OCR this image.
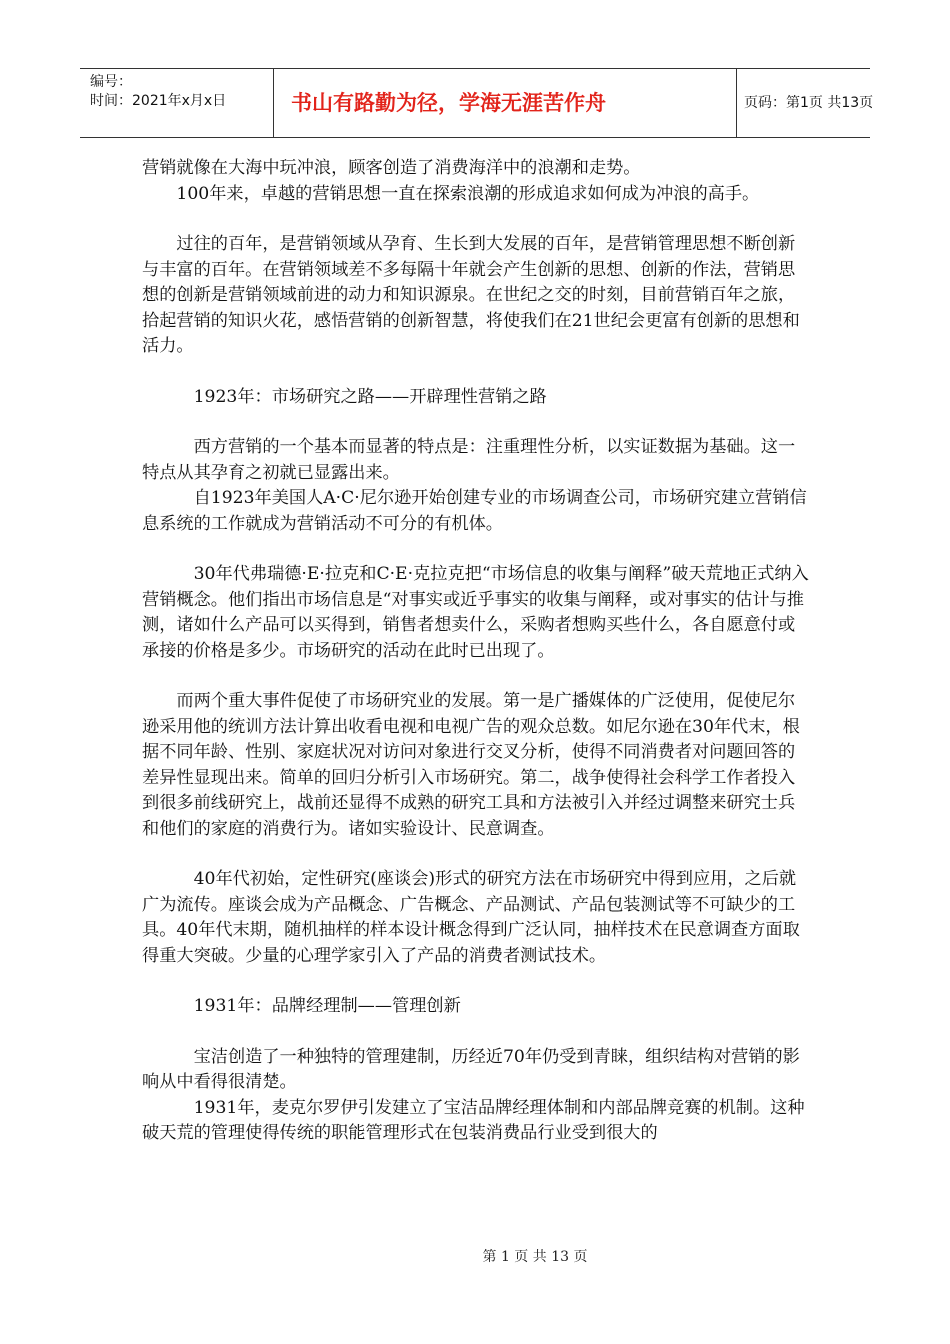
编号：
时间：2021年x月x日	书山有路勤为径，学海无涯苦作舟	页码：第1页 共13页

营销就像在大海中玩冲浪，顾客创造了消费海洋中的浪潮和走势。

100年来，卓越的营销思想一直在探索浪潮的形成追求如何成为冲浪的高手。

过往的百年，是营销领域从孕育、生长到大发展的百年，是营销管理思想不断创新与丰富的百年。在营销领域差不多每隔十年就会产生创新的思想、创新的作法，营销思想的创新是营销领域前进的动力和知识源泉。在世纪之交的时刻，目前营销百年之旅，拾起营销的知识火花，感悟营销的创新智慧，将使我们在21世纪会更富有创新的思想和活力。

1923年：市场研究之路——开辟理性营销之路

西方营销的一个基本而显著的特点是：注重理性分析，以实证数据为基础。这一特点从其孕育之初就已显露出来。

自1923年美国人A·C·尼尔逊开始创建专业的市场调查公司，市场研究建立营销信息系统的工作就成为营销活动不可分的有机体。

30年代弗瑞德·E·拉克和C·E·克拉克把“市场信息的收集与阐释”破天荒地正式纳入营销概念。他们指出市场信息是“对事实或近乎事实的收集与阐释，或对事实的估计与推测，诸如什么产品可以买得到，销售者想卖什么，采购者想购买些什么，各自愿意付或承接的价格是多少。市场研究的活动在此时已出现了。

而两个重大事件促使了市场研究业的发展。第一是广播媒体的广泛使用，促使尼尔逊采用他的统训方法计算出收看电视和电视广告的观众总数。如尼尔逊在30年代末，根据不同年龄、性别、家庭状况对访问对象进行交叉分析，使得不同消费者对问题回答的差异性显现出来。简单的回归分析引入市场研究。第二，战争使得社会科学工作者投入到很多前线研究上，战前还显得不成熟的研究工具和方法被引入并经过调整来研究士兵和他们的家庭的消费行为。诸如实验设计、民意调查。

40年代初始，定性研究(座谈会)形式的研究方法在市场研究中得到应用，之后就广为流传。座谈会成为产品概念、广告概念、产品测试、产品包装测试等不可缺少的工具。40年代末期，随机抽样的样本设计概念得到广泛认同，抽样技术在民意调查方面取得重大突破。少量的心理学家引入了产品的消费者测试技术。

1931年：品牌经理制——管理创新

宝洁创造了一种独特的管理建制，历经近70年仍受到青睐，组织结构对营销的影响从中看得很清楚。

1931年，麦克尔罗伊引发建立了宝洁品牌经理体制和内部品牌竞赛的机制。这种破天荒的管理使得传统的职能管理形式在包装消费品行业受到很大的

第 1 页 共 13 页
